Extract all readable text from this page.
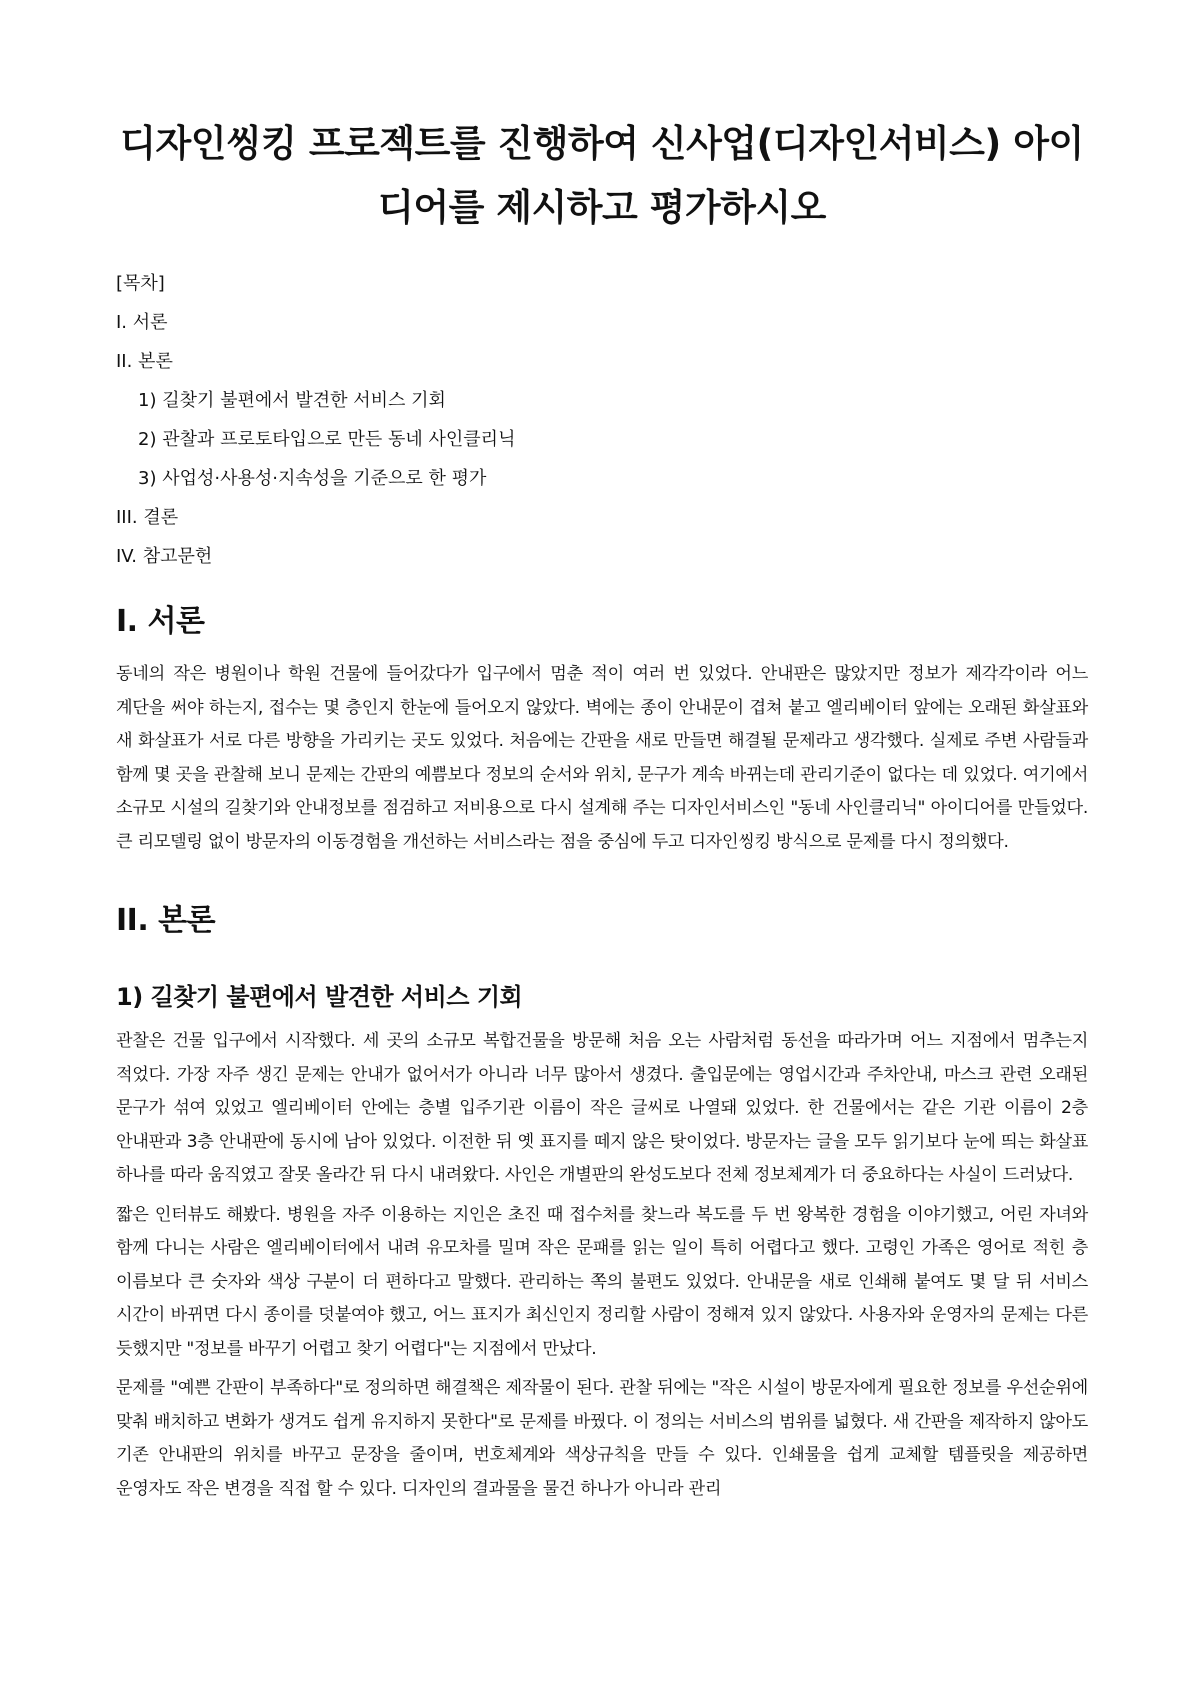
디자인씽킹 프로젝트를 진행하여 신사업(디자인서비스) 아이디어를 제시하고 평가하시오
[목차]
I. 서론
II. 본론
1) 길찾기 불편에서 발견한 서비스 기회
2) 관찰과 프로토타입으로 만든 동네 사인클리닉
3) 사업성·사용성·지속성을 기준으로 한 평가
III. 결론
IV. 참고문헌
I. 서론

동네의 작은 병원이나 학원 건물에 들어갔다가 입구에서 멈춘 적이 여러 번 있었다. 안내판은 많았지만 정보가 제각각이라 어느 계단을 써야 하는지, 접수는 몇 층인지 한눈에 들어오지 않았다. 벽에는 종이 안내문이 겹쳐 붙고 엘리베이터 앞에는 오래된 화살표와 새 화살표가 서로 다른 방향을 가리키는 곳도 있었다. 처음에는 간판을 새로 만들면 해결될 문제라고 생각했다. 실제로 주변 사람들과 함께 몇 곳을 관찰해 보니 문제는 간판의 예쁨보다 정보의 순서와 위치, 문구가 계속 바뀌는데 관리기준이 없다는 데 있었다. 여기에서 소규모 시설의 길찾기와 안내정보를 점검하고 저비용으로 다시 설계해 주는 디자인서비스인 "동네 사인클리닉" 아이디어를 만들었다. 큰 리모델링 없이 방문자의 이동경험을 개선하는 서비스라는 점을 중심에 두고 디자인씽킹 방식으로 문제를 다시 정의했다.

II. 본론
1) 길찾기 불편에서 발견한 서비스 기회

관찰은 건물 입구에서 시작했다. 세 곳의 소규모 복합건물을 방문해 처음 오는 사람처럼 동선을 따라가며 어느 지점에서 멈추는지 적었다. 가장 자주 생긴 문제는 안내가 없어서가 아니라 너무 많아서 생겼다. 출입문에는 영업시간과 주차안내, 마스크 관련 오래된 문구가 섞여 있었고 엘리베이터 안에는 층별 입주기관 이름이 작은 글씨로 나열돼 있었다. 한 건물에서는 같은 기관 이름이 2층 안내판과 3층 안내판에 동시에 남아 있었다. 이전한 뒤 옛 표지를 떼지 않은 탓이었다. 방문자는 글을 모두 읽기보다 눈에 띄는 화살표 하나를 따라 움직였고 잘못 올라간 뒤 다시 내려왔다. 사인은 개별판의 완성도보다 전체 정보체계가 더 중요하다는 사실이 드러났다.

짧은 인터뷰도 해봤다. 병원을 자주 이용하는 지인은 초진 때 접수처를 찾느라 복도를 두 번 왕복한 경험을 이야기했고, 어린 자녀와 함께 다니는 사람은 엘리베이터에서 내려 유모차를 밀며 작은 문패를 읽는 일이 특히 어렵다고 했다. 고령인 가족은 영어로 적힌 층 이름보다 큰 숫자와 색상 구분이 더 편하다고 말했다. 관리하는 쪽의 불편도 있었다. 안내문을 새로 인쇄해 붙여도 몇 달 뒤 서비스 시간이 바뀌면 다시 종이를 덧붙여야 했고, 어느 표지가 최신인지 정리할 사람이 정해져 있지 않았다. 사용자와 운영자의 문제는 다른 듯했지만 "정보를 바꾸기 어렵고 찾기 어렵다"는 지점에서 만났다.

문제를 "예쁜 간판이 부족하다"로 정의하면 해결책은 제작물이 된다. 관찰 뒤에는 "작은 시설이 방문자에게 필요한 정보를 우선순위에 맞춰 배치하고 변화가 생겨도 쉽게 유지하지 못한다"로 문제를 바꿨다. 이 정의는 서비스의 범위를 넓혔다. 새 간판을 제작하지 않아도 기존 안내판의 위치를 바꾸고 문장을 줄이며, 번호체계와 색상규칙을 만들 수 있다. 인쇄물을 쉽게 교체할 템플릿을 제공하면 운영자도 작은 변경을 직접 할 수 있다. 디자인의 결과물을 물건 하나가 아니라 관리
